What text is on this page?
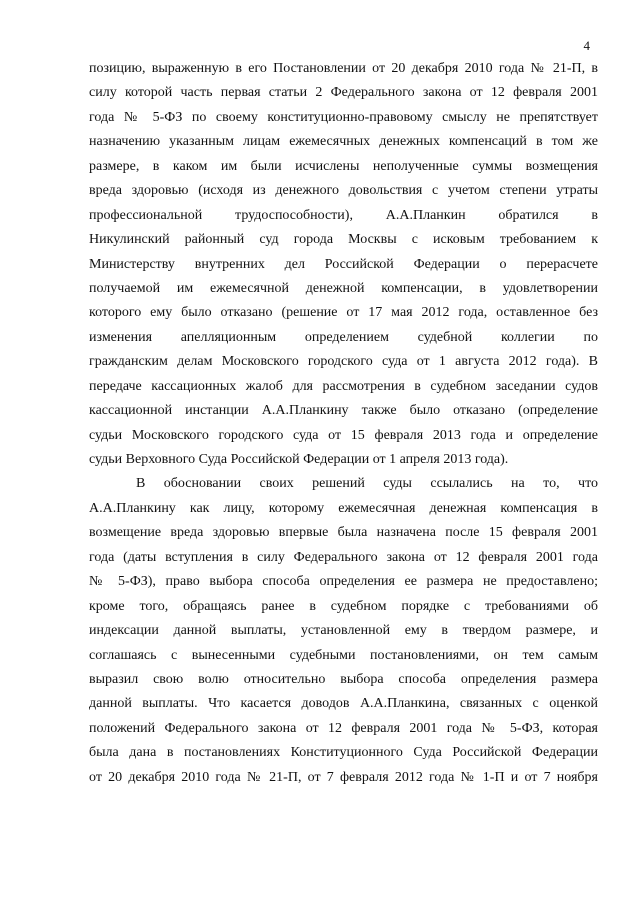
4
позицию, выраженную в его Постановлении от 20 декабря 2010 года № 21-П, в
силу которой часть первая статьи 2 Федерального закона от 12 февраля 2001
года № 5-ФЗ по своему конституционно-правовому смыслу не препятствует
назначению указанным лицам ежемесячных денежных компенсаций в том же
размере, в каком им были исчислены неполученные суммы возмещения
вреда здоровью (исходя из денежного довольствия с учетом степени утраты
профессиональной трудоспособности), А.А.Планкин обратился в
Никулинский районный суд города Москвы с исковым требованием к
Министерству внутренних дел Российской Федерации о перерасчете
получаемой им ежемесячной денежной компенсации, в удовлетворении
которого ему было отказано (решение от 17 мая 2012 года, оставленное без
изменения апелляционным определением судебной коллегии по
гражданским делам Московского городского суда от 1 августа 2012 года). В
передаче кассационных жалоб для рассмотрения в судебном заседании судов
кассационной инстанции А.А.Планкину также было отказано (определение
судьи Московского городского суда от 15 февраля 2013 года и определение
судьи Верховного Суда Российской Федерации от 1 апреля 2013 года).
В обосновании своих решений суды ссылались на то, что
А.А.Планкину как лицу, которому ежемесячная денежная компенсация в
возмещение вреда здоровью впервые была назначена после 15 февраля 2001
года (даты вступления в силу Федерального закона от 12 февраля 2001 года
№ 5-ФЗ), право выбора способа определения ее размера не предоставлено;
кроме того, обращаясь ранее в судебном порядке с требованиями об
индексации данной выплаты, установленной ему в твердом размере, и
соглашаясь с вынесенными судебными постановлениями, он тем самым
выразил свою волю относительно выбора способа определения размера
данной выплаты. Что касается доводов А.А.Планкина, связанных с оценкой
положений Федерального закона от 12 февраля 2001 года № 5-ФЗ, которая
была дана в постановлениях Конституционного Суда Российской Федерации
от 20 декабря 2010 года № 21-П, от 7 февраля 2012 года № 1-П и от 7 ноября
